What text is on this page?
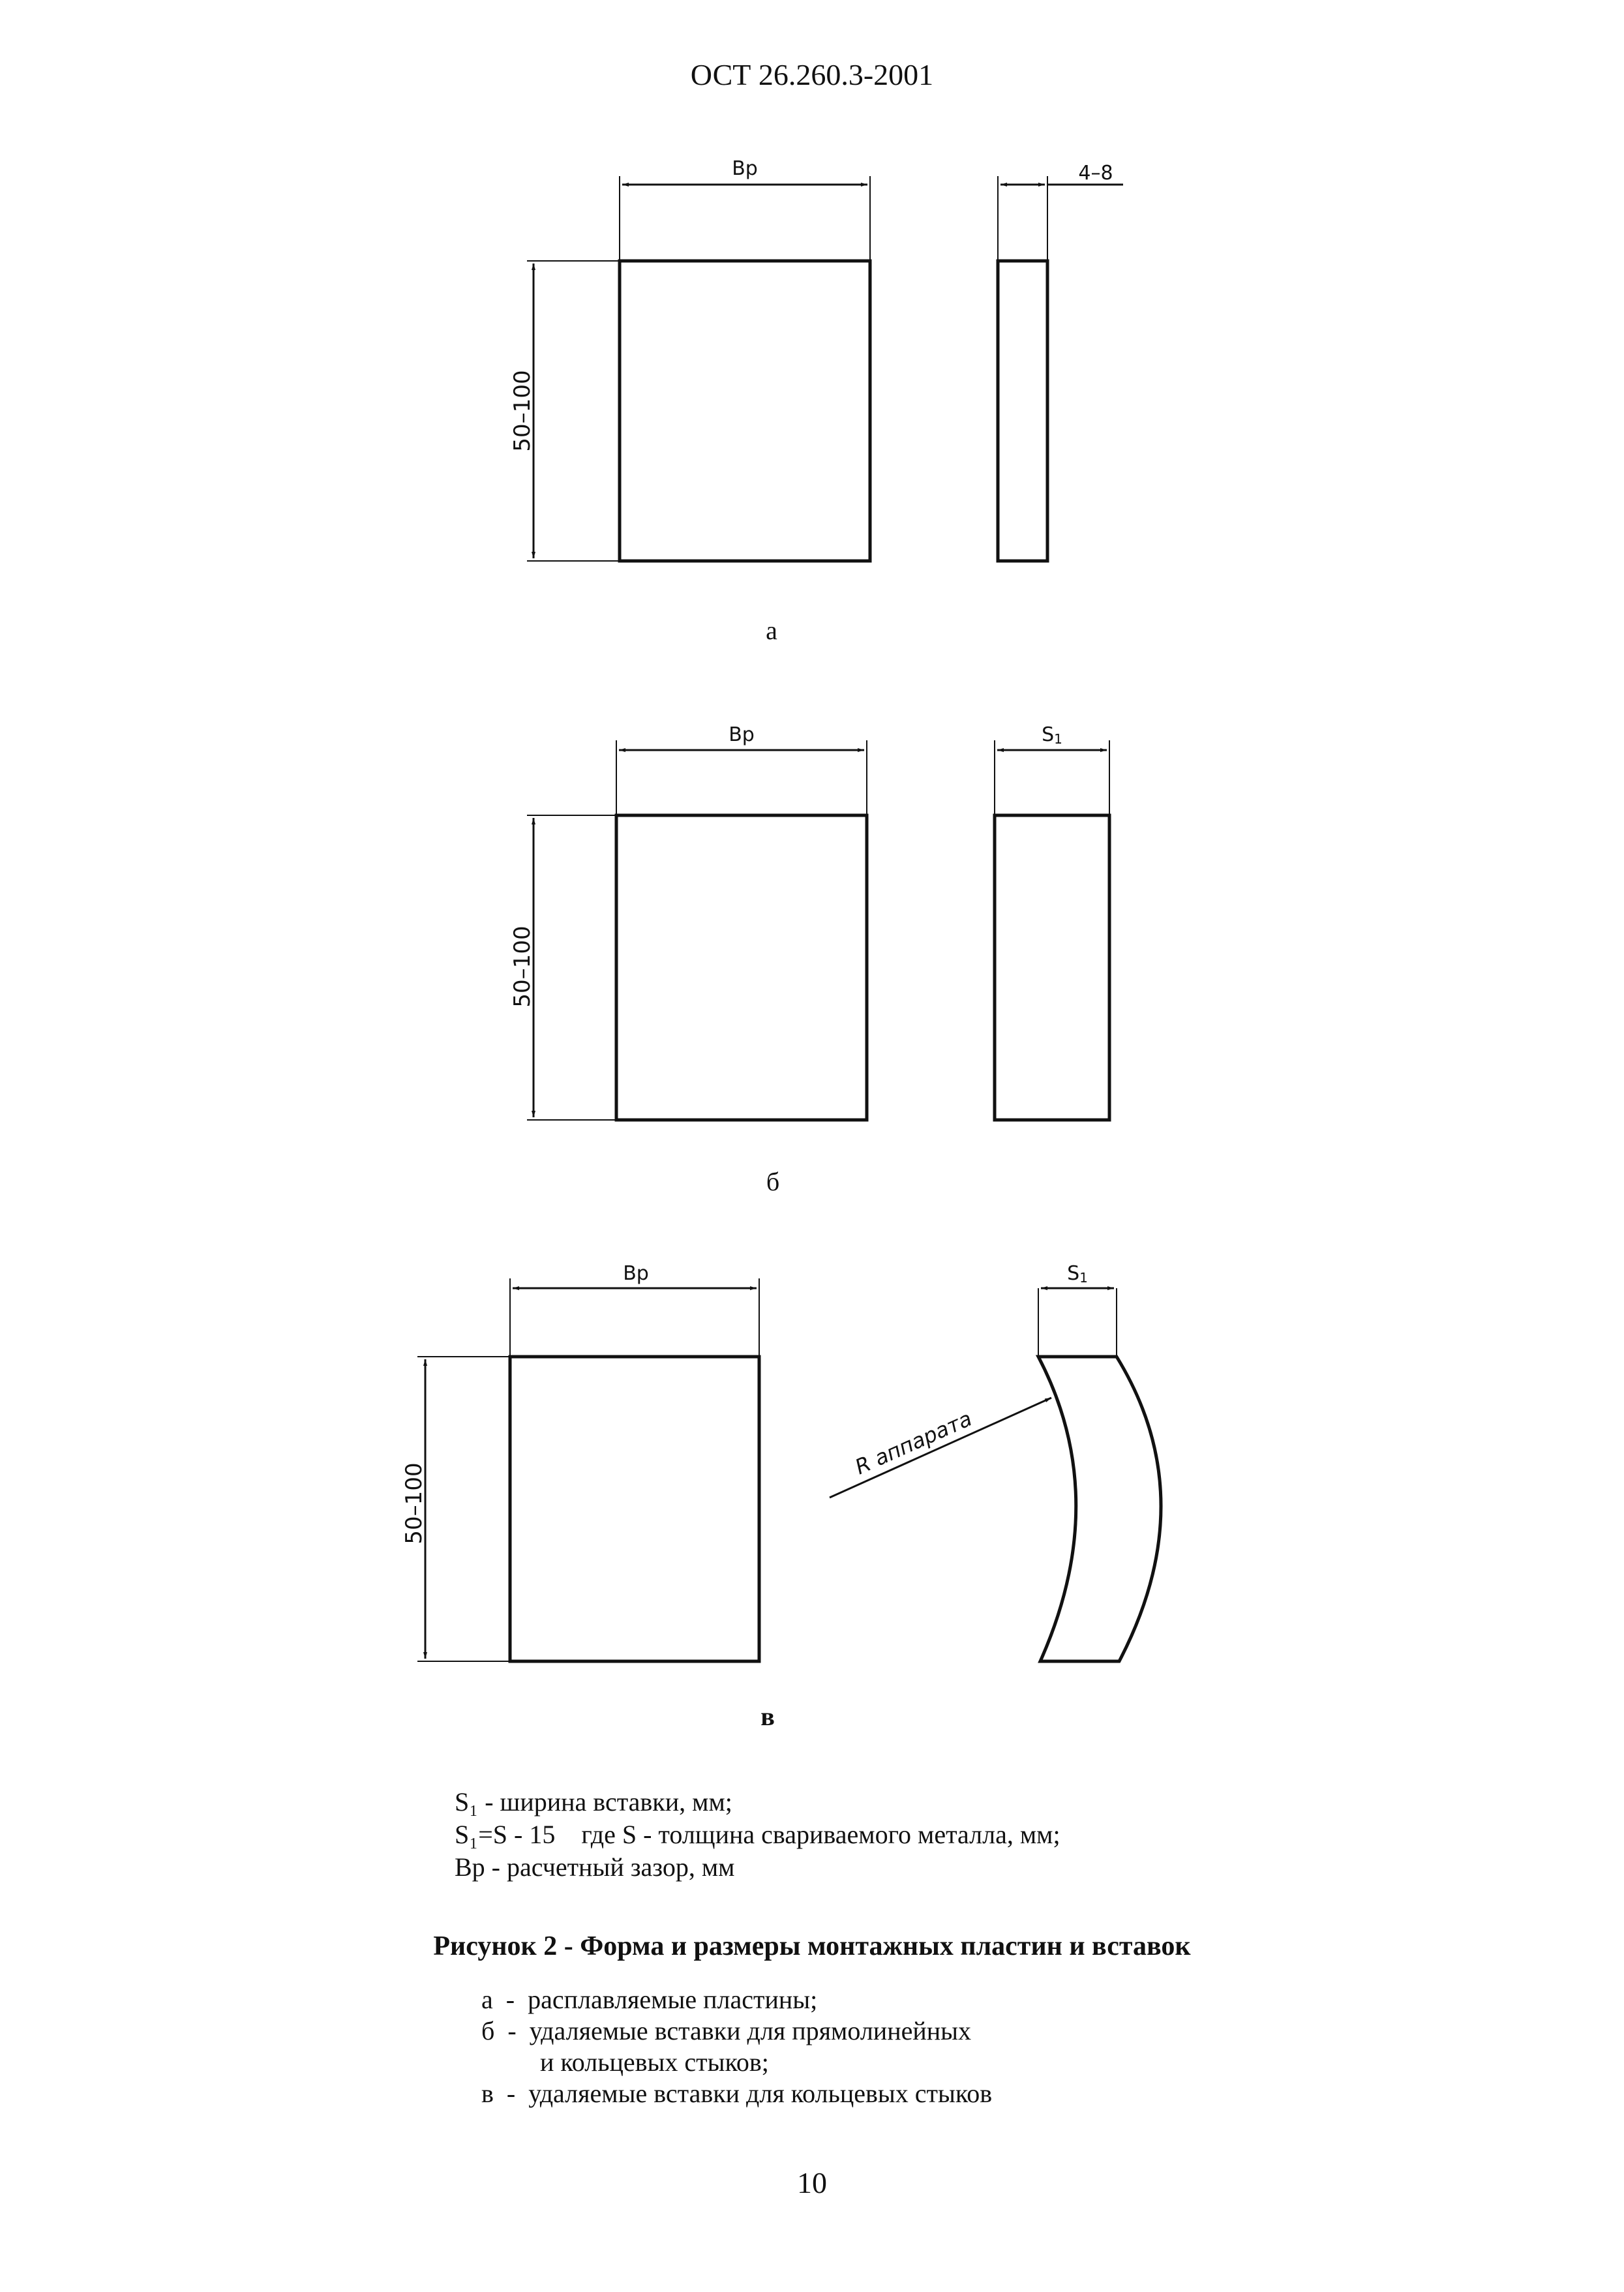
ОСТ 26.260.3-2001
Bp
50–100
4–8
а
Bp
50–100
S1
б
Bp
50–100
S1
R аппарата
в
S₁ - ширина вставки, мм;
S₁=S - 15    где S - толщина свариваемого металла, мм;
Bp - расчетный зазор, мм
Рисунок 2 - Форма и размеры монтажных пластин и вставок
а  -  расплавляемые пластины;
б  -  удаляемые вставки для прямолинейных
и кольцевых стыков;
в  -  удаляемые вставки для кольцевых стыков
10
